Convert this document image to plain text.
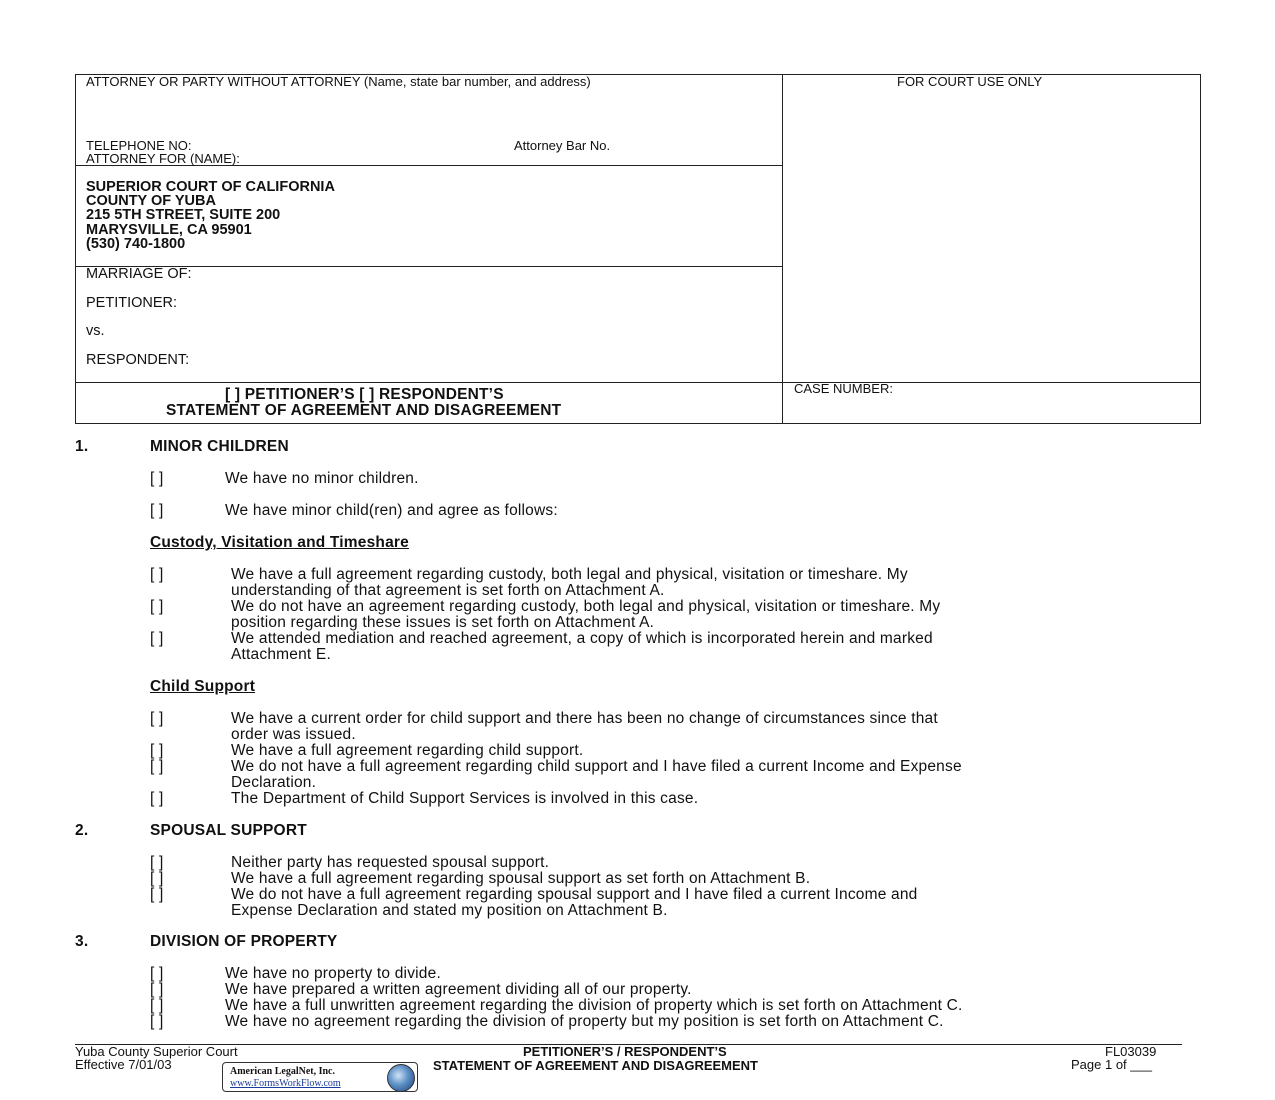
ATTORNEY OR PARTY WITHOUT ATTORNEY (Name, state bar number, and address)	FOR COURT USE ONLY
TELEPHONE NO:	Attorney Bar No.
ATTORNEY FOR (NAME):
SUPERIOR COURT OF CALIFORNIA
COUNTY OF YUBA
215 5TH STREET, SUITE 200
MARYSVILLE, CA 95901
(530) 740-1800
MARRIAGE OF:
PETITIONER:
vs.
RESPONDENT:
[ ] PETITIONER’S [ ] RESPONDENT’S
STATEMENT OF AGREEMENT AND DISAGREEMENT
CASE NUMBER:
1.	MINOR CHILDREN
[ ]	We have no minor children.
[ ]	We have minor child(ren) and agree as follows:
Custody, Visitation and Timeshare
[ ]	We have a full agreement regarding custody, both legal and physical, visitation or timeshare. My
understanding of that agreement is set forth on Attachment A.
[ ]	We do not have an agreement regarding custody, both legal and physical, visitation or timeshare. My
position regarding these issues is set forth on Attachment A.
[ ]	We attended mediation and reached agreement, a copy of which is incorporated herein and marked
Attachment E.
Child Support
[ ]	We have a current order for child support and there has been no change of circumstances since that
order was issued.
[ ]	We have a full agreement regarding child support.
[ ]	We do not have a full agreement regarding child support and I have filed a current Income and Expense
Declaration.
[ ]	The Department of Child Support Services is involved in this case.
2.	SPOUSAL SUPPORT
[ ]	Neither party has requested spousal support.
[ ]	We have a full agreement regarding spousal support as set forth on Attachment B.
[ ]	We do not have a full agreement regarding spousal support and I have filed a current Income and
Expense Declaration and stated my position on Attachment B.
3.	DIVISION OF PROPERTY
[ ]	We have no property to divide.
[ ]	We have prepared a written agreement dividing all of our property.
[ ]	We have a full unwritten agreement regarding the division of property which is set forth on Attachment C.
[ ]	We have no agreement regarding the division of property but my position is set forth on Attachment C.
Yuba County Superior Court
Effective 7/01/03
PETITIONER’S / RESPONDENT’S
STATEMENT OF AGREEMENT AND DISAGREEMENT
FL03039
Page 1 of ___
American LegalNet, Inc.
www.FormsWorkFlow.com
